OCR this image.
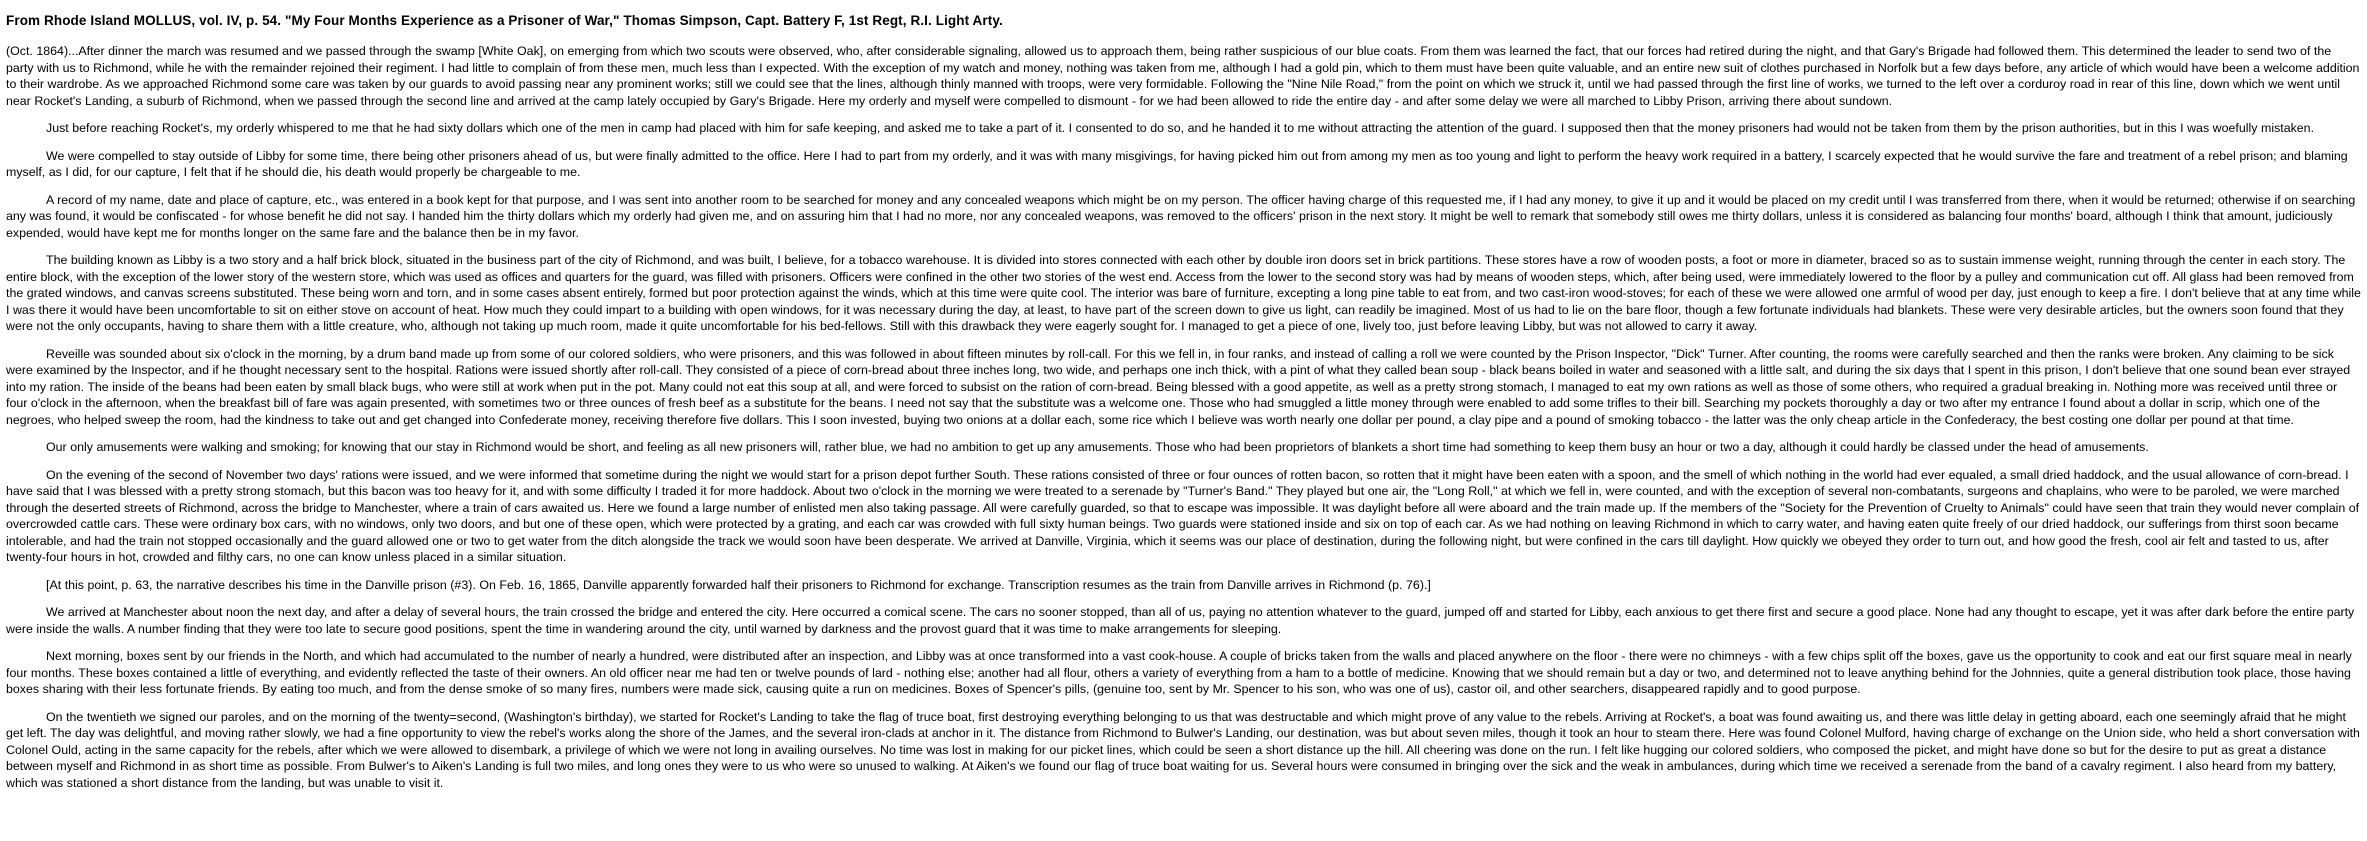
From Rhode Island MOLLUS, vol. IV, p. 54. "My Four Months Experience as a Prisoner of War," Thomas Simpson, Capt. Battery F, 1st Regt, R.I. Light Arty.

(Oct. 1864)...After dinner the march was resumed and we passed through the swamp [White Oak], on emerging from which two scouts were observed, who, after considerable signaling, allowed us to approach them, being rather suspicious of our blue coats. From them was learned the fact, that our forces had retired during the night, and that Gary's Brigade had followed them. This determined the leader to send two of the party with us to Richmond, while he with the remainder rejoined their regiment. I had little to complain of from these men, much less than I expected. With the exception of my watch and money, nothing was taken from me, although I had a gold pin, which to them must have been quite valuable, and an entire new suit of clothes purchased in Norfolk but a few days before, any article of which would have been a welcome addition to their wardrobe. As we approached Richmond some care was taken by our guards to avoid passing near any prominent works; still we could see that the lines, although thinly manned with troops, were very formidable. Following the "Nine Nile Road," from the point on which we struck it, until we had passed through the first line of works, we turned to the left over a corduroy road in rear of this line, down which we went until near Rocket's Landing, a suburb of Richmond, when we passed through the second line and arrived at the camp lately occupied by Gary's Brigade. Here my orderly and myself were compelled to dismount - for we had been allowed to ride the entire day - and after some delay we were all marched to Libby Prison, arriving there about sundown.

Just before reaching Rocket's, my orderly whispered to me that he had sixty dollars which one of the men in camp had placed with him for safe keeping, and asked me to take a part of it. I consented to do so, and he handed it to me without attracting the attention of the guard. I supposed then that the money prisoners had would not be taken from them by the prison authorities, but in this I was woefully mistaken.

We were compelled to stay outside of Libby for some time, there being other prisoners ahead of us, but were finally admitted to the office. Here I had to part from my orderly, and it was with many misgivings, for having picked him out from among my men as too young and light to perform the heavy work required in a battery, I scarcely expected that he would survive the fare and treatment of a rebel prison; and blaming myself, as I did, for our capture, I felt that if he should die, his death would properly be chargeable to me.

A record of my name, date and place of capture, etc., was entered in a book kept for that purpose, and I was sent into another room to be searched for money and any concealed weapons which might be on my person. The officer having charge of this requested me, if I had any money, to give it up and it would be placed on my credit until I was transferred from there, when it would be returned; otherwise if on searching any was found, it would be confiscated - for whose benefit he did not say. I handed him the thirty dollars which my orderly had given me, and on assuring him that I had no more, nor any concealed weapons, was removed to the officers' prison in the next story. It might be well to remark that somebody still owes me thirty dollars, unless it is considered as balancing four months' board, although I think that amount, judiciously expended, would have kept me for months longer on the same fare and the balance then be in my favor.

The building known as Libby is a two story and a half brick block, situated in the business part of the city of Richmond, and was built, I believe, for a tobacco warehouse. It is divided into stores connected with each other by double iron doors set in brick partitions. These stores have a row of wooden posts, a foot or more in diameter, braced so as to sustain immense weight, running through the center in each story. The entire block, with the exception of the lower story of the western store, which was used as offices and quarters for the guard, was filled with prisoners. Officers were confined in the other two stories of the west end. Access from the lower to the second story was had by means of wooden steps, which, after being used, were immediately lowered to the floor by a pulley and communication cut off. All glass had been removed from the grated windows, and canvas screens substituted. These being worn and torn, and in some cases absent entirely, formed but poor protection against the winds, which at this time were quite cool. The interior was bare of furniture, excepting a long pine table to eat from, and two cast-iron wood-stoves; for each of these we were allowed one armful of wood per day, just enough to keep a fire. I don't believe that at any time while I was there it would have been uncomfortable to sit on either stove on account of heat. How much they could impart to a building with open windows, for it was necessary during the day, at least, to have part of the screen down to give us light, can readily be imagined. Most of us had to lie on the bare floor, though a few fortunate individuals had blankets. These were very desirable articles, but the owners soon found that they were not the only occupants, having to share them with a little creature, who, although not taking up much room, made it quite uncomfortable for his bed-fellows. Still with this drawback they were eagerly sought for. I managed to get a piece of one, lively too, just before leaving Libby, but was not allowed to carry it away.

Reveille was sounded about six o'clock in the morning, by a drum band made up from some of our colored soldiers, who were prisoners, and this was followed in about fifteen minutes by roll-call. For this we fell in, in four ranks, and instead of calling a roll we were counted by the Prison Inspector, "Dick" Turner. After counting, the rooms were carefully searched and then the ranks were broken. Any claiming to be sick were examined by the Inspector, and if he thought necessary sent to the hospital. Rations were issued shortly after roll-call. They consisted of a piece of corn-bread about three inches long, two wide, and perhaps one inch thick, with a pint of what they called bean soup - black beans boiled in water and seasoned with a little salt, and during the six days that I spent in this prison, I don't believe that one sound bean ever strayed into my ration. The inside of the beans had been eaten by small black bugs, who were still at work when put in the pot. Many could not eat this soup at all, and were forced to subsist on the ration of corn-bread. Being blessed with a good appetite, as well as a pretty strong stomach, I managed to eat my own rations as well as those of some others, who required a gradual breaking in. Nothing more was received until three or four o'clock in the afternoon, when the breakfast bill of fare was again presented, with sometimes two or three ounces of fresh beef as a substitute for the beans. I need not say that the substitute was a welcome one. Those who had smuggled a little money through were enabled to add some trifles to their bill. Searching my pockets thoroughly a day or two after my entrance I found about a dollar in scrip, which one of the negroes, who helped sweep the room, had the kindness to take out and get changed into Confederate money, receiving therefore five dollars. This I soon invested, buying two onions at a dollar each, some rice which I believe was worth nearly one dollar per pound, a clay pipe and a pound of smoking tobacco - the latter was the only cheap article in the Confederacy, the best costing one dollar per pound at that time.

Our only amusements were walking and smoking; for knowing that our stay in Richmond would be short, and feeling as all new prisoners will, rather blue, we had no ambition to get up any amusements. Those who had been proprietors of blankets a short time had something to keep them busy an hour or two a day, although it could hardly be classed under the head of amusements.

On the evening of the second of November two days' rations were issued, and we were informed that sometime during the night we would start for a prison depot further South. These rations consisted of three or four ounces of rotten bacon, so rotten that it might have been eaten with a spoon, and the smell of which nothing in the world had ever equaled, a small dried haddock, and the usual allowance of corn-bread. I have said that I was blessed with a pretty strong stomach, but this bacon was too heavy for it, and with some difficulty I traded it for more haddock. About two o'clock in the morning we were treated to a serenade by "Turner's Band." They played but one air, the "Long Roll," at which we fell in, were counted, and with the exception of several non-combatants, surgeons and chaplains, who were to be paroled, we were marched through the deserted streets of Richmond, across the bridge to Manchester, where a train of cars awaited us. Here we found a large number of enlisted men also taking passage. All were carefully guarded, so that to escape was impossible. It was daylight before all were aboard and the train made up. If the members of the "Society for the Prevention of Cruelty to Animals" could have seen that train they would never complain of overcrowded cattle cars. These were ordinary box cars, with no windows, only two doors, and but one of these open, which were protected by a grating, and each car was crowded with full sixty human beings. Two guards were stationed inside and six on top of each car. As we had nothing on leaving Richmond in which to carry water, and having eaten quite freely of our dried haddock, our sufferings from thirst soon became intolerable, and had the train not stopped occasionally and the guard allowed one or two to get water from the ditch alongside the track we would soon have been desperate. We arrived at Danville, Virginia, which it seems was our place of destination, during the following night, but were confined in the cars till daylight. How quickly we obeyed they order to turn out, and how good the fresh, cool air felt and tasted to us, after twenty-four hours in hot, crowded and filthy cars, no one can know unless placed in a similar situation.

[At this point, p. 63, the narrative describes his time in the Danville prison (#3). On Feb. 16, 1865, Danville apparently forwarded half their prisoners to Richmond for exchange. Transcription resumes as the train from Danville arrives in Richmond (p. 76).]

We arrived at Manchester about noon the next day, and after a delay of several hours, the train crossed the bridge and entered the city. Here occurred a comical scene. The cars no sooner stopped, than all of us, paying no attention whatever to the guard, jumped off and started for Libby, each anxious to get there first and secure a good place. None had any thought to escape, yet it was after dark before the entire party were inside the walls. A number finding that they were too late to secure good positions, spent the time in wandering around the city, until warned by darkness and the provost guard that it was time to make arrangements for sleeping.

Next morning, boxes sent by our friends in the North, and which had accumulated to the number of nearly a hundred, were distributed after an inspection, and Libby was at once transformed into a vast cook-house. A couple of bricks taken from the walls and placed anywhere on the floor - there were no chimneys - with a few chips split off the boxes, gave us the opportunity to cook and eat our first square meal in nearly four months. These boxes contained a little of everything, and evidently reflected the taste of their owners. An old officer near me had ten or twelve pounds of lard - nothing else; another had all flour, others a variety of everything from a ham to a bottle of medicine. Knowing that we should remain but a day or two, and determined not to leave anything behind for the Johnnies, quite a general distribution took place, those having boxes sharing with their less fortunate friends. By eating too much, and from the dense smoke of so many fires, numbers were made sick, causing quite a run on medicines. Boxes of Spencer's pills, (genuine too, sent by Mr. Spencer to his son, who was one of us), castor oil, and other searchers, disappeared rapidly and to good purpose.

On the twentieth we signed our paroles, and on the morning of the twenty=second, (Washington's birthday), we started for Rocket's Landing to take the flag of truce boat, first destroying everything belonging to us that was destructable and which might prove of any value to the rebels. Arriving at Rocket's, a boat was found awaiting us, and there was little delay in getting aboard, each one seemingly afraid that he might get left. The day was delightful, and moving rather slowly, we had a fine opportunity to view the rebel's works along the shore of the James, and the several iron-clads at anchor in it. The distance from Richmond to Bulwer's Landing, our destination, was but about seven miles, though it took an hour to steam there. Here was found Colonel Mulford, having charge of exchange on the Union side, who held a short conversation with Colonel Ould, acting in the same capacity for the rebels, after which we were allowed to disembark, a privilege of which we were not long in availing ourselves. No time was lost in making for our picket lines, which could be seen a short distance up the hill. All cheering was done on the run. I felt like hugging our colored soldiers, who composed the picket, and might have done so but for the desire to put as great a distance between myself and Richmond in as short time as possible. From Bulwer's to Aiken's Landing is full two miles, and long ones they were to us who were so unused to walking. At Aiken's we found our flag of truce boat waiting for us. Several hours were consumed in bringing over the sick and the weak in ambulances, during which time we received a serenade from the band of a cavalry regiment. I also heard from my battery, which was stationed a short distance from the landing, but was unable to visit it.
